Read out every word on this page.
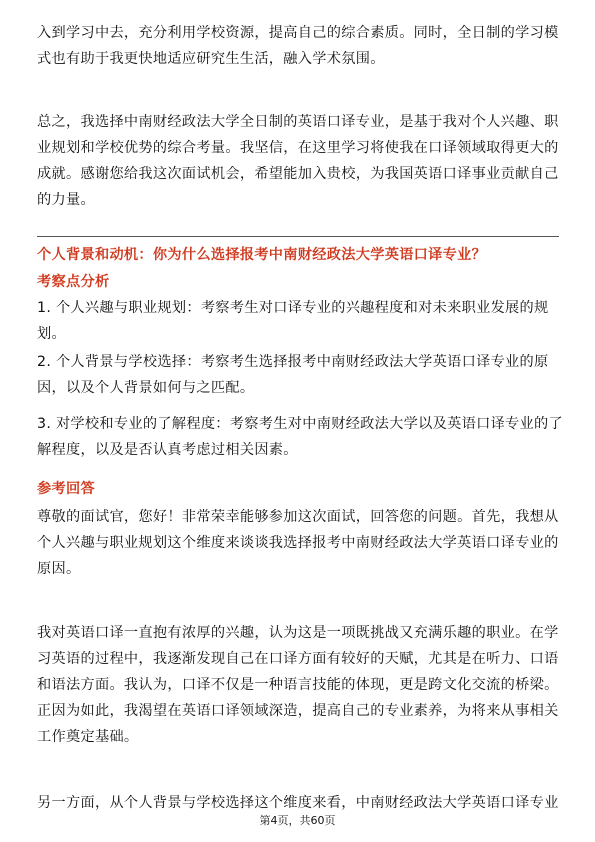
入到学习中去，充分利用学校资源，提高自己的综合素质。同时，全日制的学习模
式也有助于我更快地适应研究生生活，融入学术氛围。
总之，我选择中南财经政法大学全日制的英语口译专业，是基于我对个人兴趣、职
业规划和学校优势的综合考量。我坚信，在这里学习将使我在口译领域取得更大的
成就。感谢您给我这次面试机会，希望能加入贵校，为我国英语口译事业贡献自己
的力量。
个人背景和动机：你为什么选择报考中南财经政法大学英语口译专业？
考察点分析
1. 个人兴趣与职业规划：考察考生对口译专业的兴趣程度和对未来职业发展的规
划。
2. 个人背景与学校选择：考察考生选择报考中南财经政法大学英语口译专业的原
因，以及个人背景如何与之匹配。
3. 对学校和专业的了解程度：考察考生对中南财经政法大学以及英语口译专业的了
解程度，以及是否认真考虑过相关因素。
参考回答
尊敬的面试官，您好！非常荣幸能够参加这次面试，回答您的问题。首先，我想从
个人兴趣与职业规划这个维度来谈谈我选择报考中南财经政法大学英语口译专业的
原因。
我对英语口译一直抱有浓厚的兴趣，认为这是一项既挑战又充满乐趣的职业。在学
习英语的过程中，我逐渐发现自己在口译方面有较好的天赋，尤其是在听力、口语
和语法方面。我认为，口译不仅是一种语言技能的体现，更是跨文化交流的桥梁。
正因为如此，我渴望在英语口译领域深造，提高自己的专业素养，为将来从事相关
工作奠定基础。
另一方面，从个人背景与学校选择这个维度来看，中南财经政法大学英语口译专业
第4页，共60页
